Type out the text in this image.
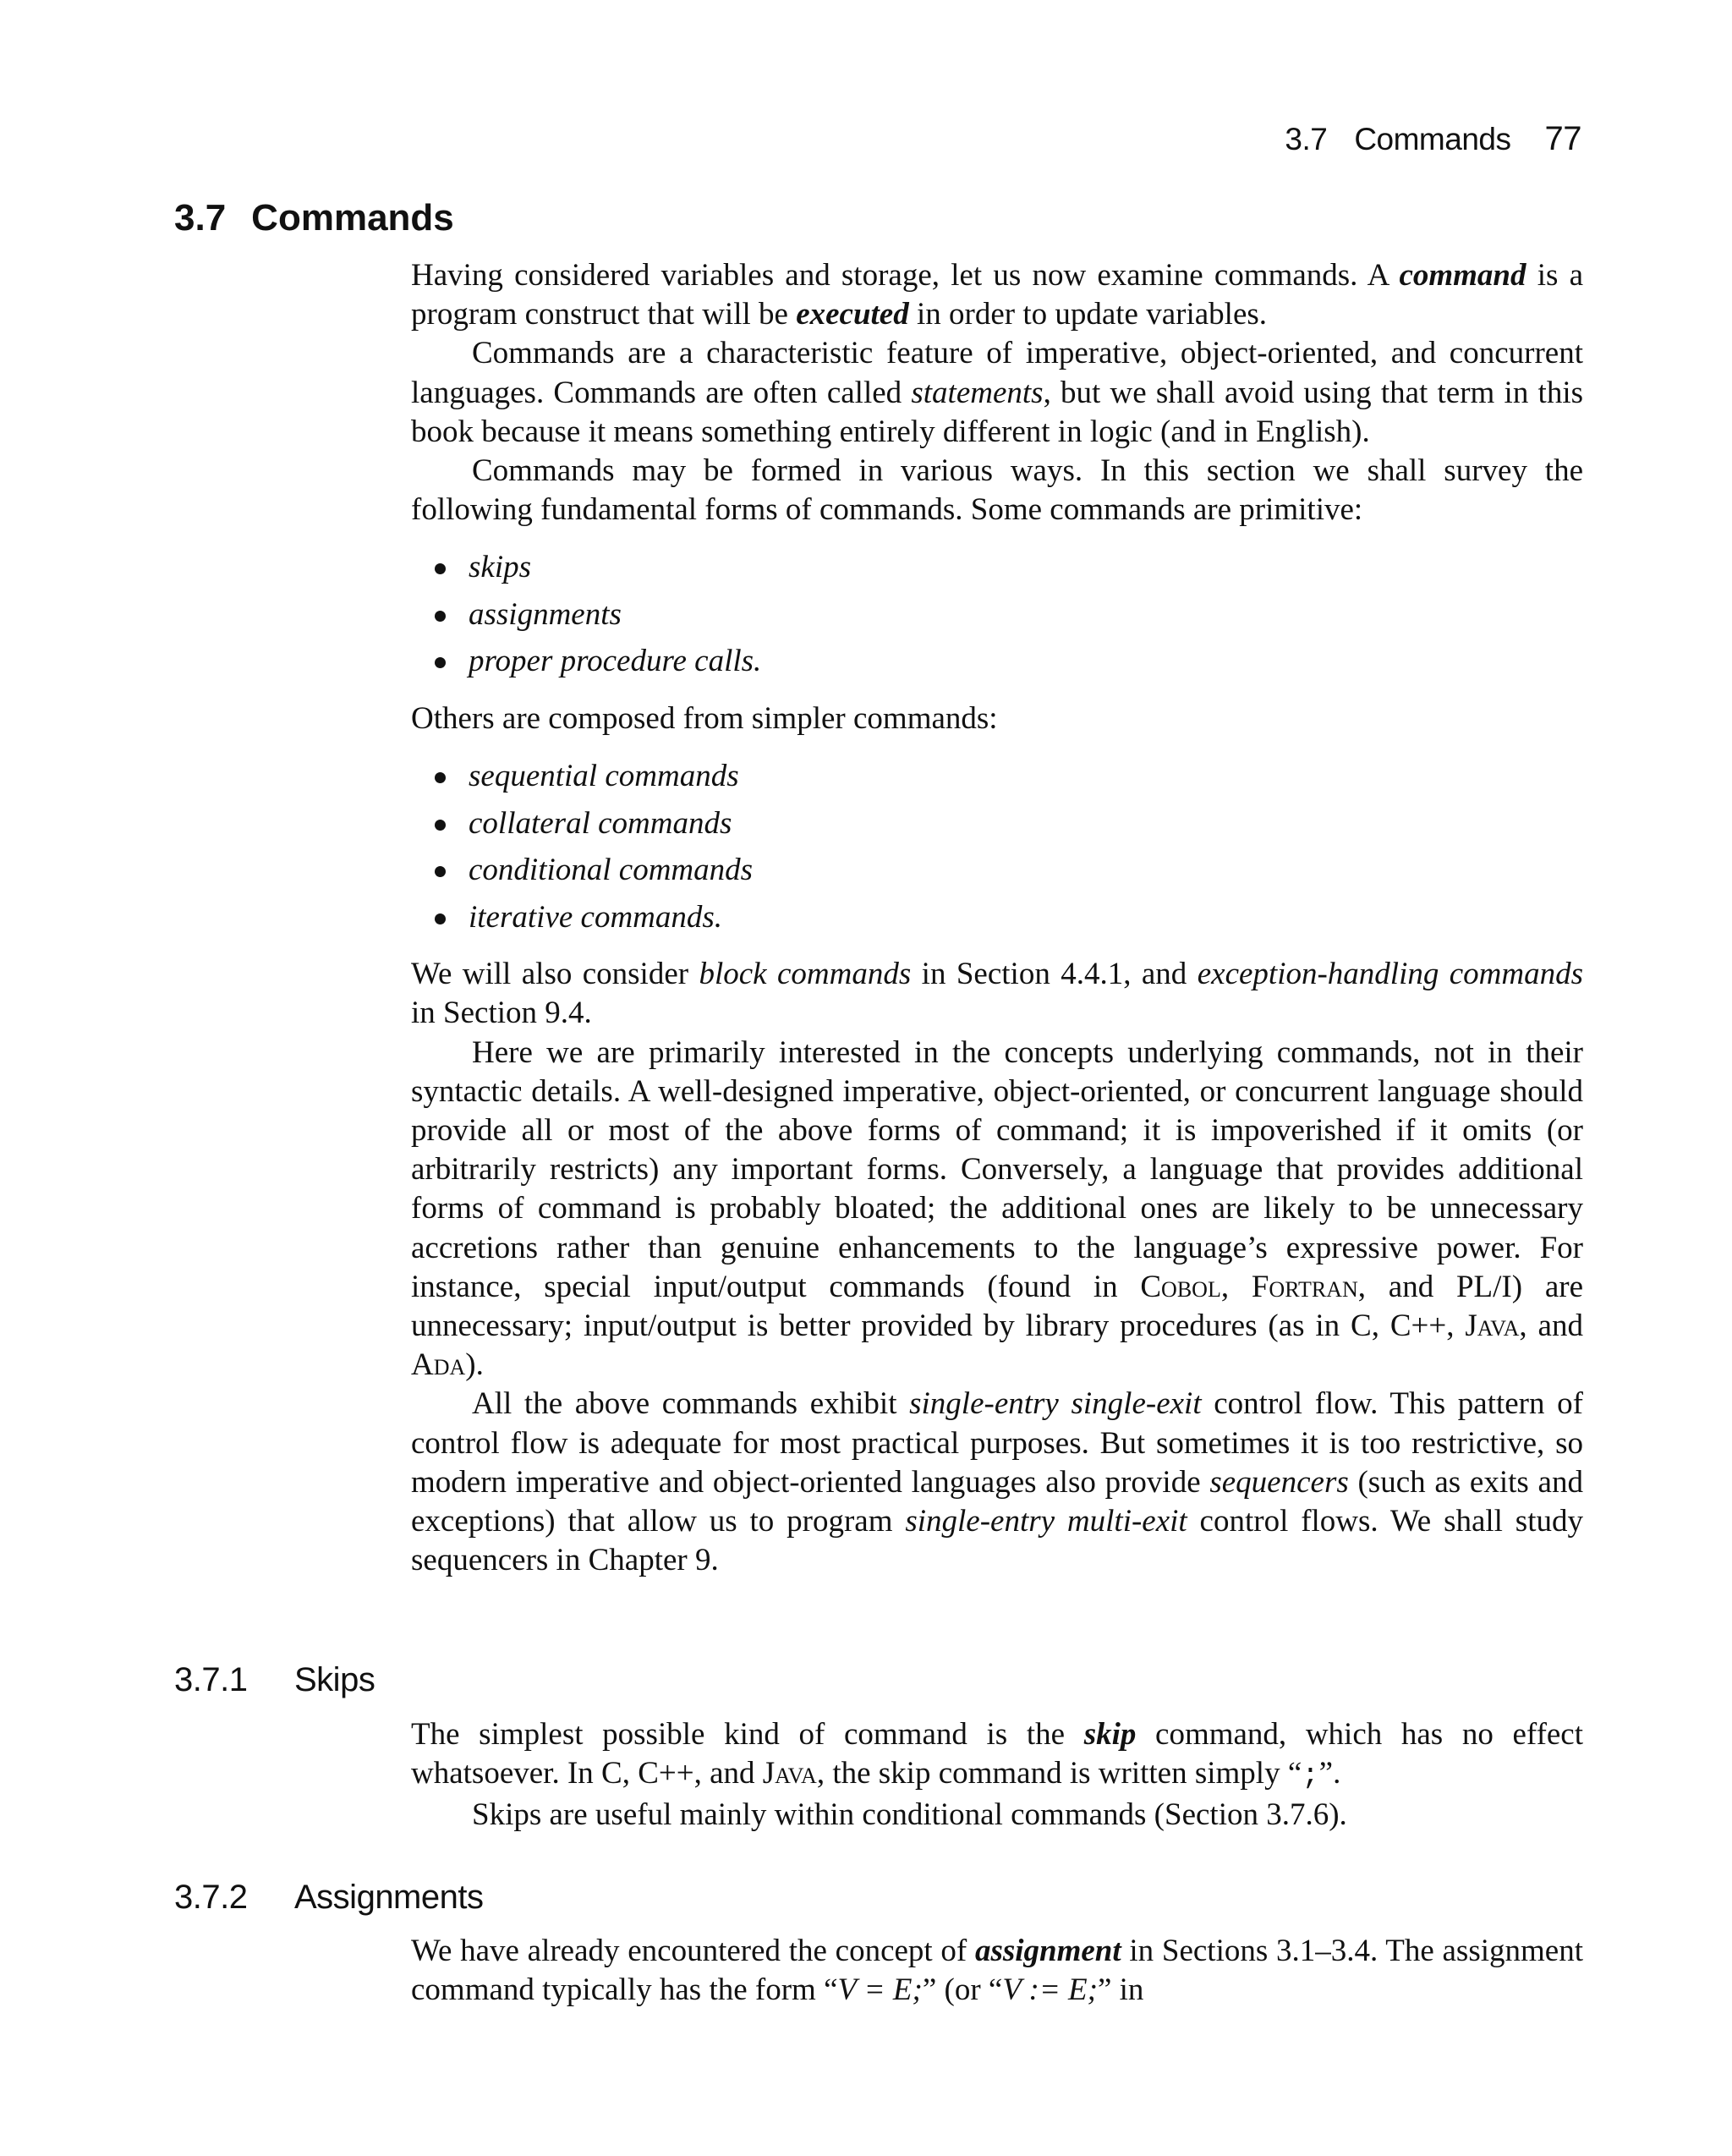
3.7 Commands 77
3.7 Commands

Having considered variables and storage, let us now examine commands. A command is a program construct that will be executed in order to update variables.

Commands are a characteristic feature of imperative, object-oriented, and concurrent languages. Commands are often called statements, but we shall avoid using that term in this book because it means something entirely different in logic (and in English).

Commands may be formed in various ways. In this section we shall survey the following fundamental forms of commands. Some commands are primitive:

skips
assignments
proper procedure calls.

Others are composed from simpler commands:

sequential commands
collateral commands
conditional commands
iterative commands.

We will also consider block commands in Section 4.4.1, and exception-handling commands in Section 9.4.

Here we are primarily interested in the concepts underlying commands, not in their syntactic details. A well-designed imperative, object-oriented, or concurrent language should provide all or most of the above forms of command; it is impoverished if it omits (or arbitrarily restricts) any important forms. Conversely, a language that provides additional forms of command is probably bloated; the additional ones are likely to be unnecessary accretions rather than genuine enhancements to the language’s expressive power. For instance, special input/output commands (found in Cobol, Fortran, and PL/I) are unnecessary; input/output is better provided by library procedures (as in C, C++, Java, and Ada).

All the above commands exhibit single-entry single-exit control flow. This pattern of control flow is adequate for most practical purposes. But sometimes it is too restrictive, so modern imperative and object-oriented languages also provide sequencers (such as exits and exceptions) that allow us to program single-entry multi-exit control flows. We shall study sequencers in Chapter 9.

3.7.1 Skips

The simplest possible kind of command is the skip command, which has no effect whatsoever. In C, C++, and Java, the skip command is written simply “;”.

Skips are useful mainly within conditional commands (Section 3.7.6).

3.7.2 Assignments

We have already encountered the concept of assignment in Sections 3.1–3.4. The assignment command typically has the form “V = E;” (or “V := E;” in
